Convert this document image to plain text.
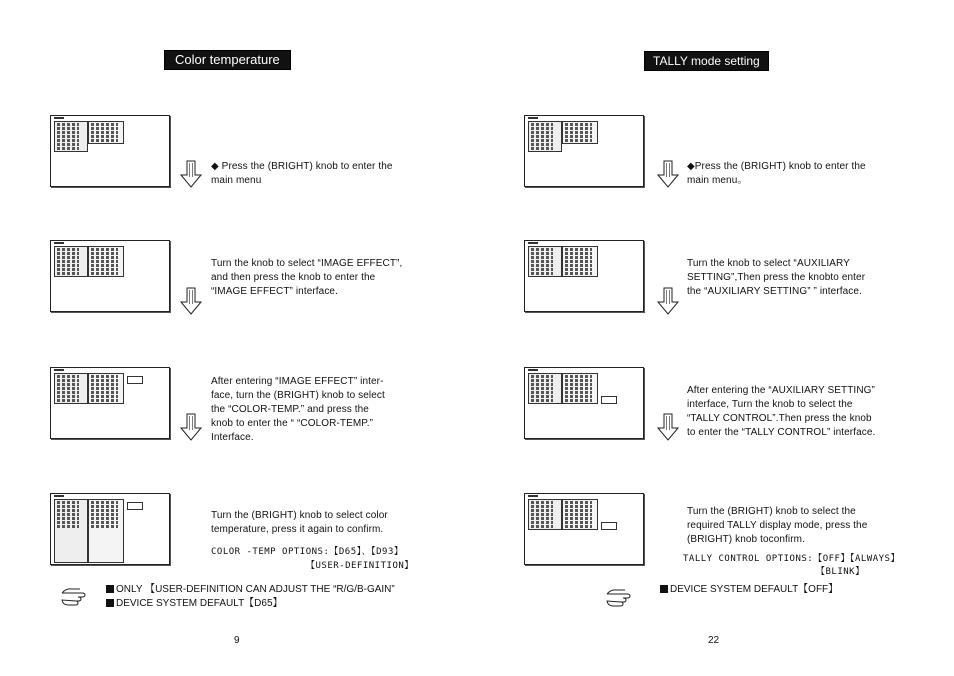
Color temperature
◆ Press the (BRIGHT) knob to enter the
main menu
Turn the knob to select “IMAGE EFFECT”,
and then press the knob to enter the
“IMAGE EFFECT” interface.
After entering “IMAGE EFFECT” inter-
face, turn the (BRIGHT) knob to select
the “COLOR-TEMP.” and press the
knob to enter the “ “COLOR-TEMP.”
Interface.
Turn the (BRIGHT) knob to select color
temperature, press it again to confirm.
COLOR -TEMP OPTIONS:【D65】、【D93】
【USER-DEFINITION】
ONLY 【USER-DEFINITION CAN ADJUST THE “R/G/B-GAIN”
DEVICE SYSTEM DEFAULT【D65】
9
TALLY mode setting
◆Press the (BRIGHT) knob to enter the
main menu。
Turn the knob to select “AUXILIARY
SETTING”,Then press the knobto enter
the “AUXILIARY SETTING” ” interface.
After entering the “AUXILIARY SETTING”
interface, Turn the knob to select the
“TALLY CONTROL”.Then press the knob
to enter the “TALLY CONTROL” interface.
Turn the (BRIGHT) knob to select the
required TALLY display mode, press the
(BRIGHT) knob toconfirm.
TALLY CONTROL OPTIONS:【OFF】【ALWAYS】
【BLINK】
DEVICE SYSTEM DEFAULT【OFF】
22
